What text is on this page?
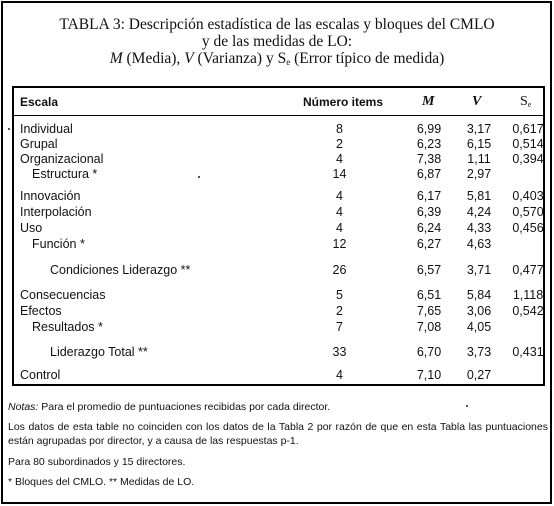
TABLA 3: Descripción estadística de las escalas y bloques del CMLO
y de las medidas de LO:
M (Media), V (Varianza) y $S_e$ (Error típico de medida)
Escala	Número items	M	V	$S_e$
Individual	8	6,99	3,17	0,617
Grupal	2	6,23	6,15	0,514
Organizacional	4	7,38	1,11	0,394
Estructura *	14	6,87	2,97
Innovación	4	6,17	5,81	0,403
Interpolación	4	6,39	4,24	0,570
Uso	4	6,24	4,33	0,456
Función *	12	6,27	4,63
Condiciones Liderazgo **	26	6,57	3,71	0,477
Consecuencias	5	6,51	5,84	1,118
Efectos	2	7,65	3,06	0,542
Resultados *	7	7,08	4,05
Liderazgo Total **	33	6,70	3,73	0,431
Control	4	7,10	0,27
Notas: Para el promedio de puntuaciones recibidas por cada director.
Los datos de esta table no coinciden con los datos de la Tabla 2 por razón de que en esta Tabla las puntuaciones están agrupadas por director, y a causa de las respuestas p-1.
Para 80 subordinados y 15 directores.
* Bloques del CMLO. ** Medidas de LO.
